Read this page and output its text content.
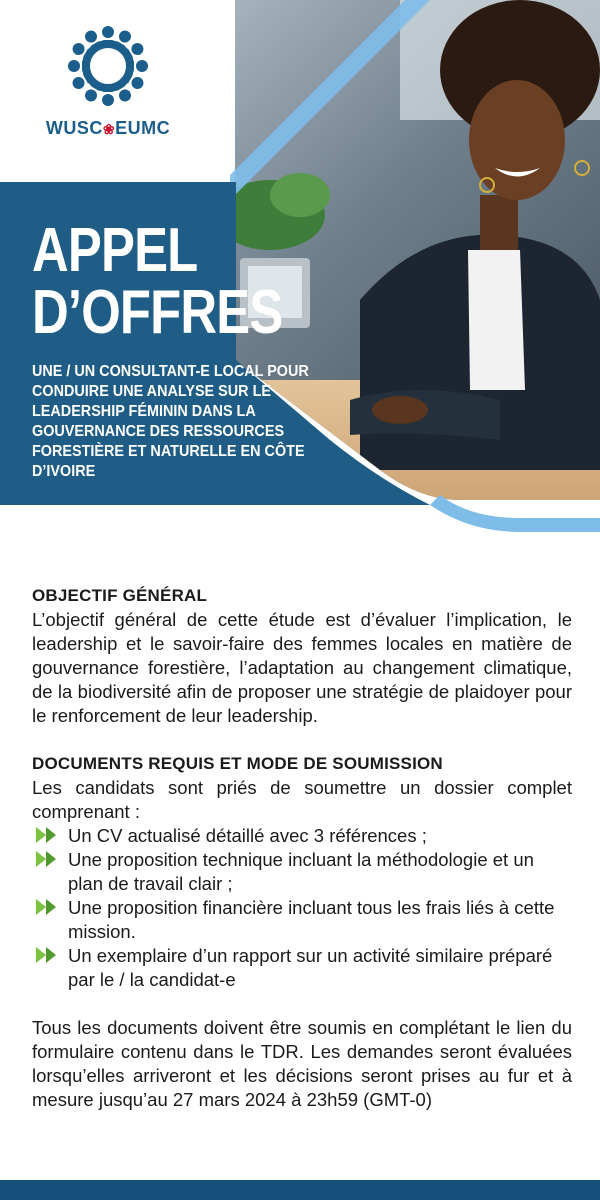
WUSC❀EUMC
APPEL
D’OFFRES
UNE / UN CONSULTANT-E LOCAL POUR CONDUIRE UNE ANALYSE SUR LE LEADERSHIP FÉMININ DANS LA GOUVERNANCE DES RESSOURCES FORESTIÈRE ET NATURELLE EN CÔTE D’IVOIRE

OBJECTIF GÉNÉRAL

L’objectif général de cette étude est d’évaluer l’implication, le leadership et le savoir-faire des femmes locales en matière de gouvernance forestière, l’adaptation au changement climatique, de la biodiversité afin de proposer une stratégie de plaidoyer pour le renforcement de leur leadership.

DOCUMENTS REQUIS ET MODE DE SOUMISSION

Les candidats sont priés de soumettre un dossier complet comprenant :

Un CV actualisé détaillé avec 3 références ;
Une proposition technique incluant la méthodologie et un plan de travail clair ;
Une proposition financière incluant tous les frais liés à cette mission.
Un exemplaire d’un rapport sur un activité similaire préparé par le / la candidat-e

Tous les documents doivent être soumis en complétant le lien du formulaire contenu dans le TDR. Les demandes seront évaluées lorsqu’elles arriveront et les décisions seront prises au fur et à mesure jusqu’au 27 mars 2024 à 23h59 (GMT-0)
